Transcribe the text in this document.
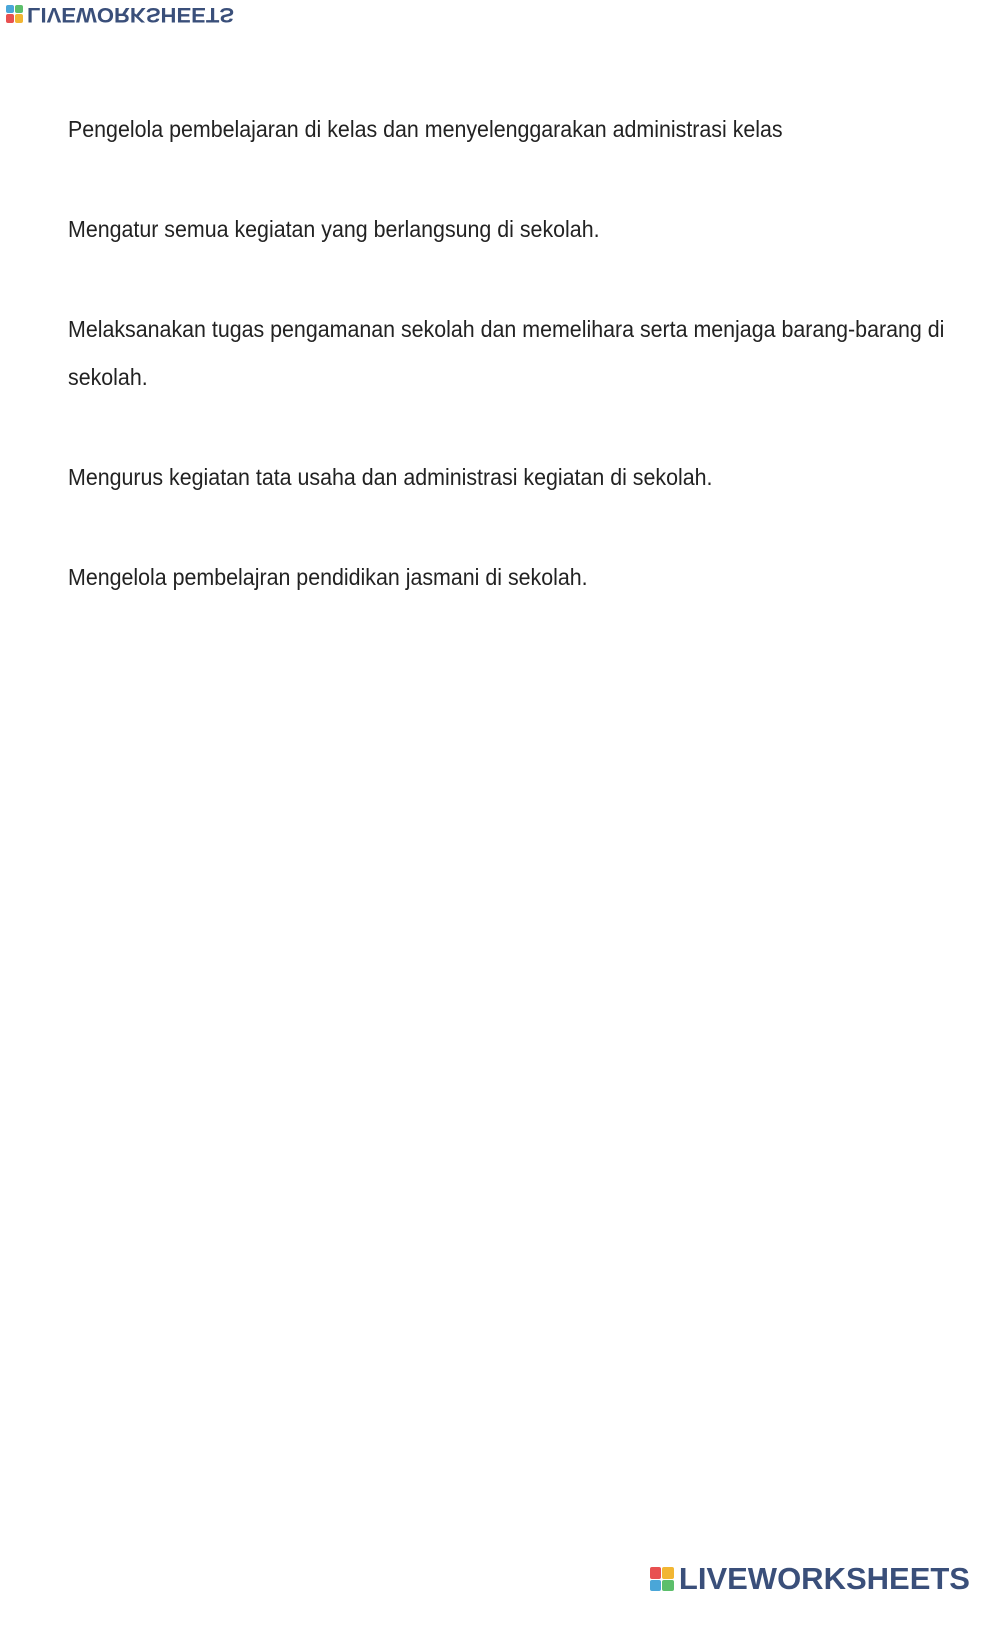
LIVEWORKSHEETS

Pengelola pembelajaran di kelas dan menyelenggarakan administrasi kelas

Mengatur semua kegiatan yang berlangsung di sekolah.

Melaksanakan tugas pengamanan sekolah dan memelihara serta menjaga barang-barang di sekolah.

Mengurus kegiatan tata usaha dan administrasi kegiatan di sekolah.

Mengelola pembelajran pendidikan jasmani di sekolah.

LIVEWORKSHEETS
